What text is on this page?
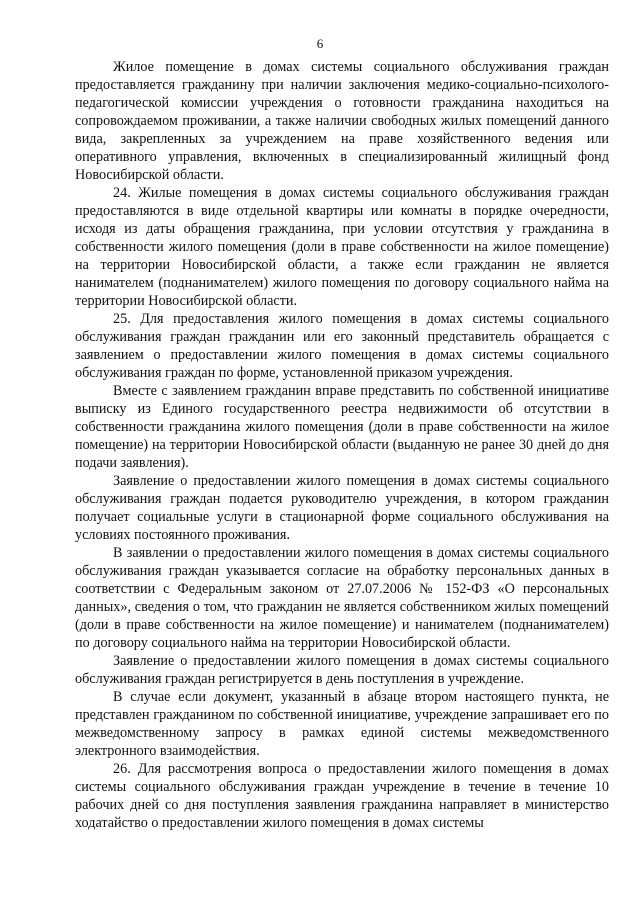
6

Жилое помещение в домах системы социального обслуживания граждан предоставляется гражданину при наличии заключения медико-социально-психолого-педагогической комиссии учреждения о готовности гражданина находиться на сопровождаемом проживании, а также наличии свободных жилых помещений данного вида, закрепленных за учреждением на праве хозяйственного ведения или оперативного управления, включенных в специализированный жилищный фонд Новосибирской области.

24. Жилые помещения в домах системы социального обслуживания граждан предоставляются в виде отдельной квартиры или комнаты в порядке очередности, исходя из даты обращения гражданина, при условии отсутствия у гражданина в собственности жилого помещения (доли в праве собственности на жилое помещение) на территории Новосибирской области, а также если гражданин не является нанимателем (поднанимателем) жилого помещения по договору социального найма на территории Новосибирской области.

25. Для предоставления жилого помещения в домах системы социального обслуживания граждан гражданин или его законный представитель обращается с заявлением о предоставлении жилого помещения в домах системы социального обслуживания граждан по форме, установленной приказом учреждения.

Вместе с заявлением гражданин вправе представить по собственной инициативе выписку из Единого государственного реестра недвижимости об отсутствии в собственности гражданина жилого помещения (доли в праве собственности на жилое помещение) на территории Новосибирской области (выданную не ранее 30 дней до дня подачи заявления).

Заявление о предоставлении жилого помещения в домах системы социального обслуживания граждан подается руководителю учреждения, в котором гражданин получает социальные услуги в стационарной форме социального обслуживания на условиях постоянного проживания.

В заявлении о предоставлении жилого помещения в домах системы социального обслуживания граждан указывается согласие на обработку персональных данных в соответствии с Федеральным законом от 27.07.2006 № 152-ФЗ «О персональных данных», сведения о том, что гражданин не является собственником жилых помещений (доли в праве собственности на жилое помещение) и нанимателем (поднанимателем) по договору социального найма на территории Новосибирской области.

Заявление о предоставлении жилого помещения в домах системы социального обслуживания граждан регистрируется в день поступления в учреждение.

В случае если документ, указанный в абзаце втором настоящего пункта, не представлен гражданином по собственной инициативе, учреждение запрашивает его по межведомственному запросу в рамках единой системы межведомственного электронного взаимодействия.

26. Для рассмотрения вопроса о предоставлении жилого помещения в домах системы социального обслуживания граждан учреждение в течение в течение 10 рабочих дней со дня поступления заявления гражданина направляет в министерство ходатайство о предоставлении жилого помещения в домах системы
